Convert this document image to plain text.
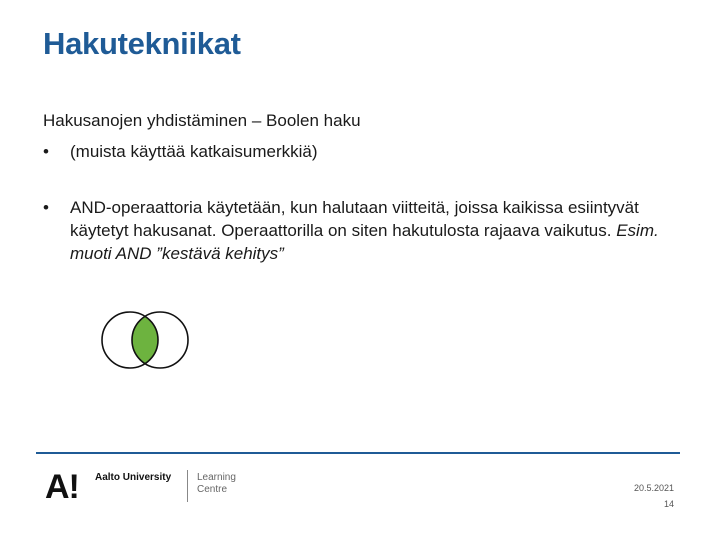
Hakutekniikat
Hakusanojen yhdistäminen – Boolen haku
• (muista käyttää katkaisumerkkiä)
• AND-operaattoria käytetään, kun halutaan viitteitä, joissa kaikissa esiintyvät käytetyt hakusanat. Operaattorilla on siten hakutulosta rajaava vaikutus. Esim. muoti AND ”kestävä kehitys”
A! Aalto University	Learning
Centre	20.5.2021
14
